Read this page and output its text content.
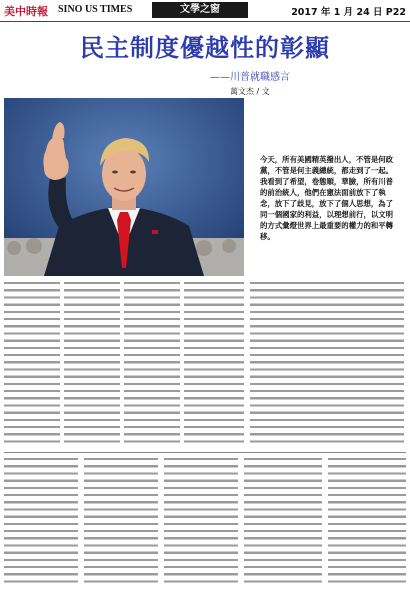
美中時報 SINO US TIMES	文學之窗	2017 年 1 月 24 日 P22
民主制度優越性的彰顯
——川普就職感言
萬文杰 / 文
今天，所有美國精英撥出人，不管是何政黨，不管是何主義總統，都走到了一起。我看到了希望，卷態順，華臉，所有川普的前治統人，他們在憲法面前放下了執念，放下了歧見，放下了個人思想，為了同一個國家的利益，以理想前行，以文明的方式彙燈世界上最重要的權力的和平轉移。
